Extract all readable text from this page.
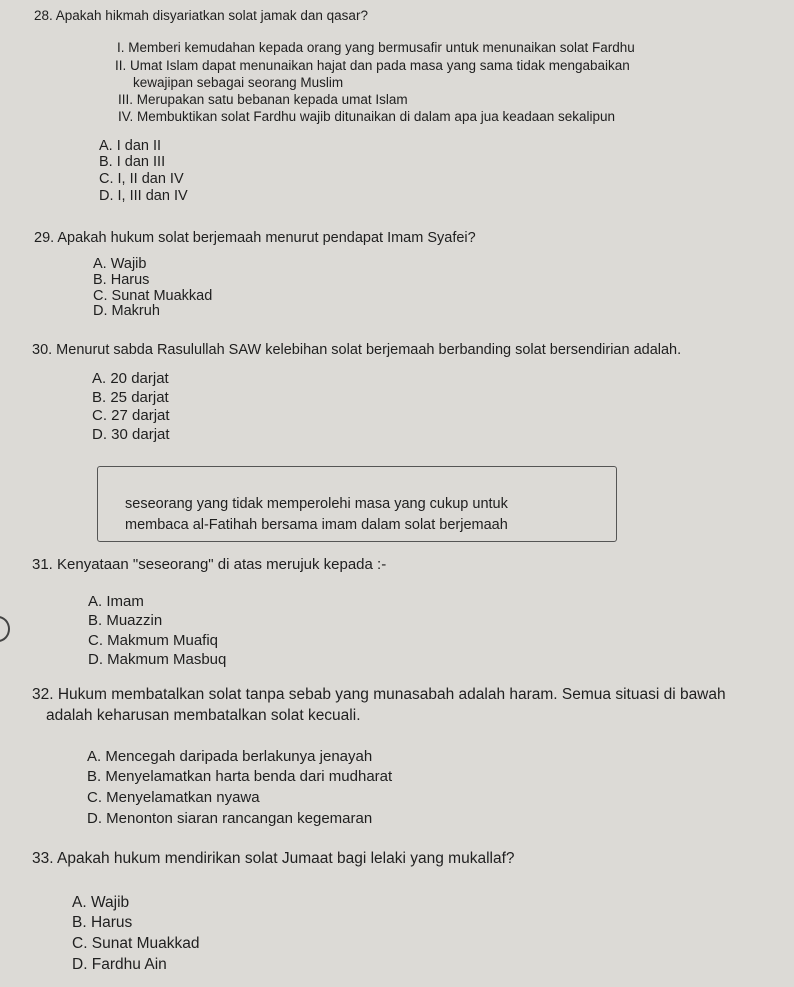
28. Apakah hikmah disyariatkan solat jamak dan qasar?
I. Memberi kemudahan kepada orang yang bermusafir untuk menunaikan solat Fardhu
II. Umat Islam dapat menunaikan hajat dan pada masa yang sama tidak mengabaikan
kewajipan sebagai seorang Muslim
III. Merupakan satu bebanan kepada umat Islam
IV. Membuktikan solat Fardhu wajib ditunaikan di dalam apa jua keadaan sekalipun
A. I dan II
B. I dan III
C. I, II dan IV
D. I, III dan IV
29. Apakah hukum solat berjemaah menurut pendapat Imam Syafei?
A. Wajib
B. Harus
C. Sunat Muakkad
D. Makruh
30. Menurut sabda Rasulullah SAW kelebihan solat berjemaah berbanding solat bersendirian adalah.
A. 20 darjat
B. 25 darjat
C. 27 darjat
D. 30 darjat
seseorang yang tidak memperolehi masa yang cukup untuk
membaca al-Fatihah bersama imam dalam solat berjemaah
31. Kenyataan "seseorang" di atas merujuk kepada :-
A. Imam
B. Muazzin
C. Makmum Muafiq
D. Makmum Masbuq
32. Hukum membatalkan solat tanpa sebab yang munasabah adalah haram. Semua situasi di bawah
adalah keharusan membatalkan solat kecuali.
A. Mencegah daripada berlakunya jenayah
B. Menyelamatkan harta benda dari mudharat
C. Menyelamatkan nyawa
D. Menonton siaran rancangan kegemaran
33. Apakah hukum mendirikan solat Jumaat bagi lelaki yang mukallaf?
A. Wajib
B. Harus
C. Sunat Muakkad
D. Fardhu Ain
